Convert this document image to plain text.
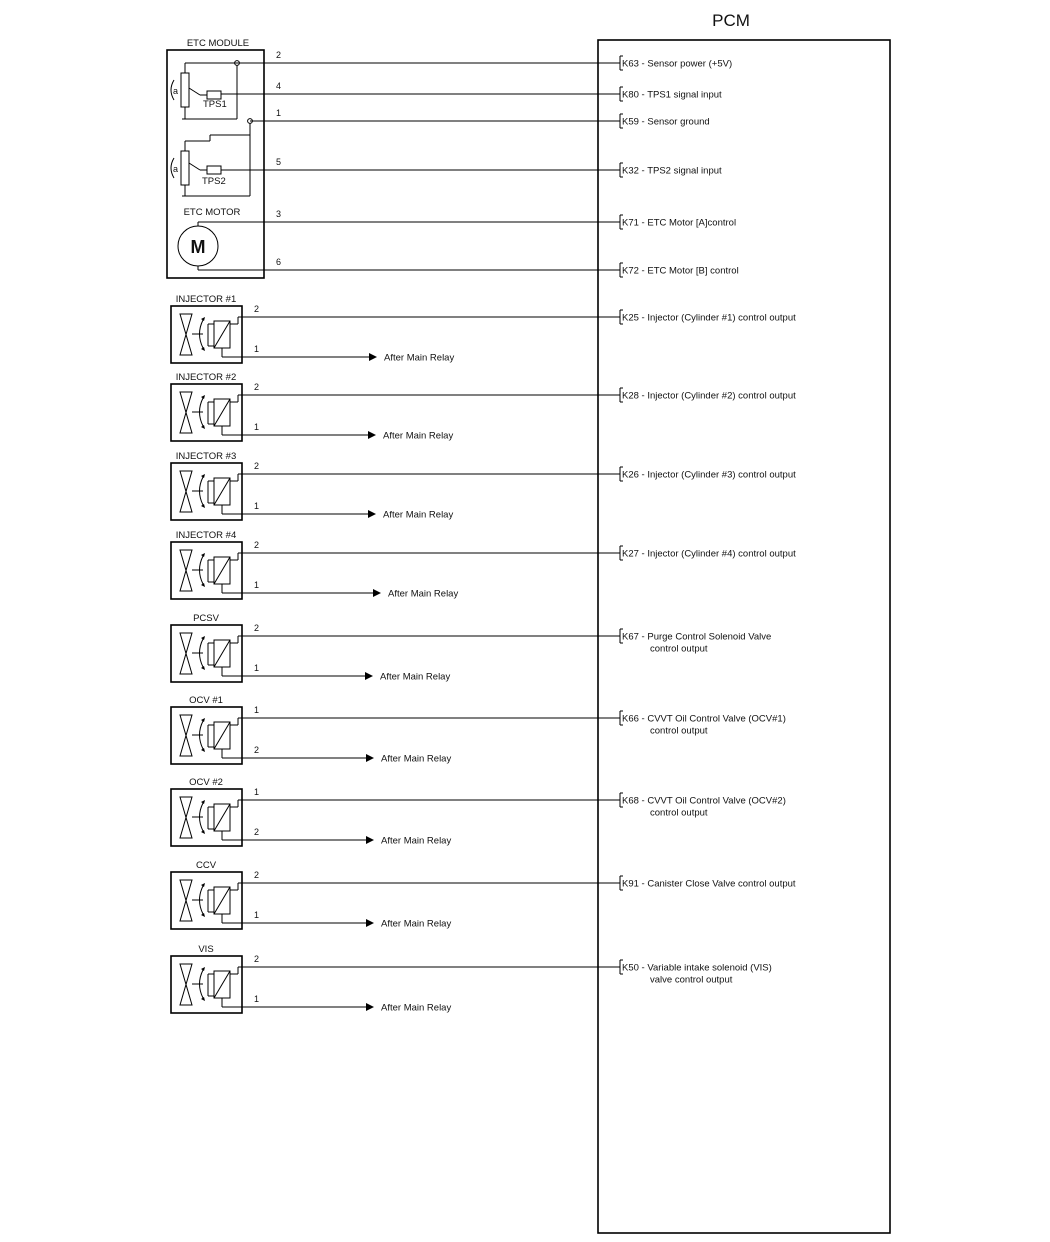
PCM
ETC MODULE
a
TPS1
a
TPS2
ETC MOTOR
M
2
K63 - Sensor power (+5V)
4
K80 - TPS1 signal input
1
K59 - Sensor ground
5
K32 - TPS2 signal input
3
K71 - ETC Motor [A]control
6
K72 - ETC Motor [B] control
INJECTOR #1
2
1
After Main Relay
K25 - Injector (Cylinder #1) control output
INJECTOR #2
2
1
After Main Relay
K28 - Injector (Cylinder #2) control output
INJECTOR #3
2
1
After Main Relay
K26 - Injector (Cylinder #3) control output
INJECTOR #4
2
1
After Main Relay
K27 - Injector (Cylinder #4) control output
PCSV
2
1
After Main Relay
K67 - Purge Control Solenoid Valve
control output
OCV #1
1
2
After Main Relay
K66 - CVVT Oil Control Valve (OCV#1)
control output
OCV #2
1
2
After Main Relay
K68 - CVVT Oil Control Valve (OCV#2)
control output
CCV
2
1
After Main Relay
K91 - Canister Close Valve control output
VIS
2
1
After Main Relay
K50 - Variable intake solenoid (VIS)
valve control output
